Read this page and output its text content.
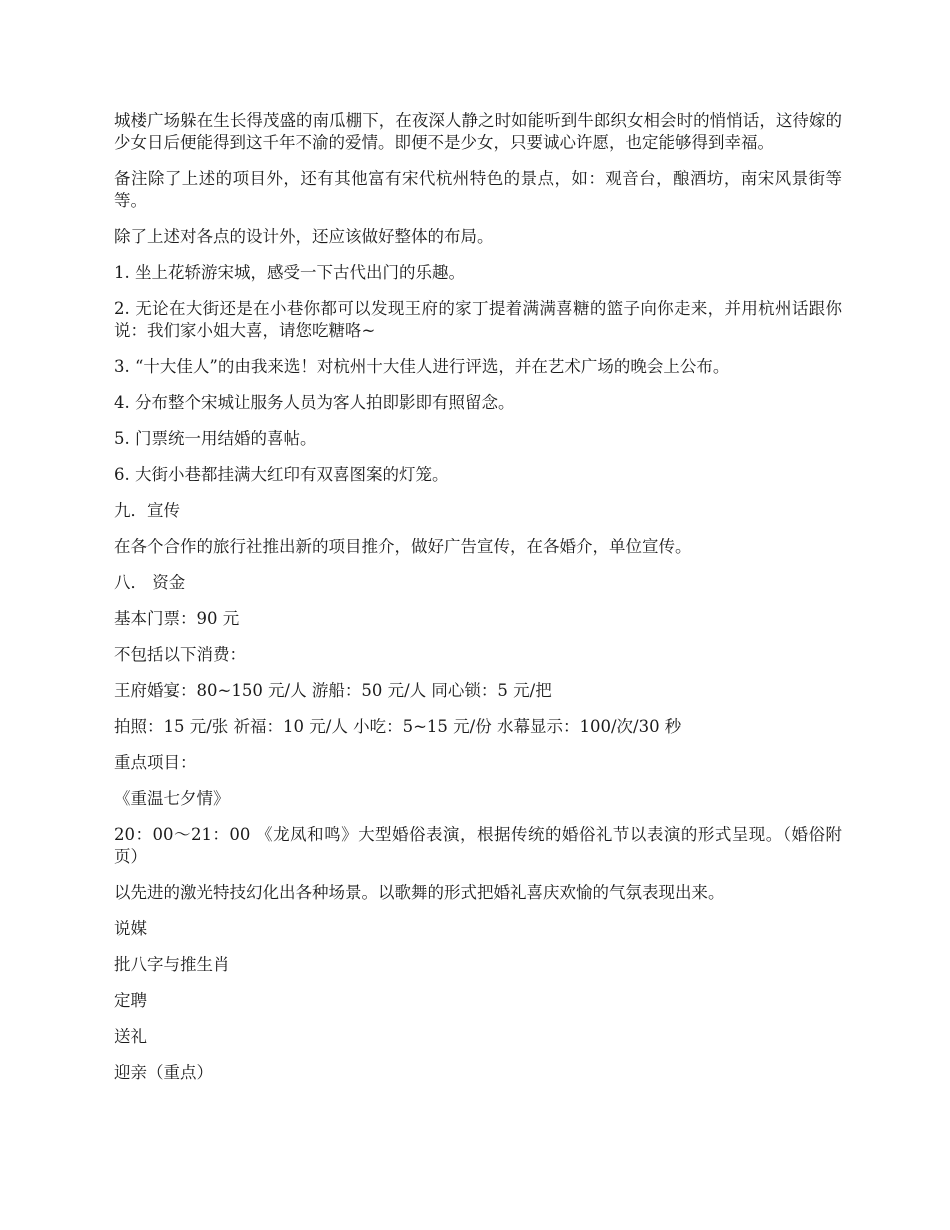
城楼广场躲在生长得茂盛的南瓜棚下，在夜深人静之时如能听到牛郎织女相会时的悄悄话，这待嫁的少女日后便能得到这千年不渝的爱情。即便不是少女，只要诚心许愿，也定能够得到幸福。

备注除了上述的项目外，还有其他富有宋代杭州特色的景点，如：观音台，酿酒坊，南宋风景街等等。

除了上述对各点的设计外，还应该做好整体的布局。

1. 坐上花轿游宋城，感受一下古代出门的乐趣。

2. 无论在大街还是在小巷你都可以发现王府的家丁提着满满喜糖的篮子向你走来，并用杭州话跟你说：我们家小姐大喜，请您吃糖咯~

3. “十大佳人”的由我来选！对杭州十大佳人进行评选，并在艺术广场的晚会上公布。

4. 分布整个宋城让服务人员为客人拍即影即有照留念。

5. 门票统一用结婚的喜帖。

6. 大街小巷都挂满大红印有双喜图案的灯笼。

九．宣传

在各个合作的旅行社推出新的项目推介，做好广告宣传，在各婚介，单位宣传。

八． 资金

基本门票：90 元

不包括以下消费：

王府婚宴：80~150 元/人 游船：50 元/人 同心锁：5 元/把

拍照：15 元/张 祈福：10 元/人 小吃：5~15 元/份 水幕显示：100/次/30 秒

重点项目：

《重温七夕情》

20：00～21：00 《龙凤和鸣》大型婚俗表演，根据传统的婚俗礼节以表演的形式呈现。（婚俗附页）

以先进的激光特技幻化出各种场景。以歌舞的形式把婚礼喜庆欢愉的气氛表现出来。

说媒

批八字与推生肖

定聘

送礼

迎亲（重点）
